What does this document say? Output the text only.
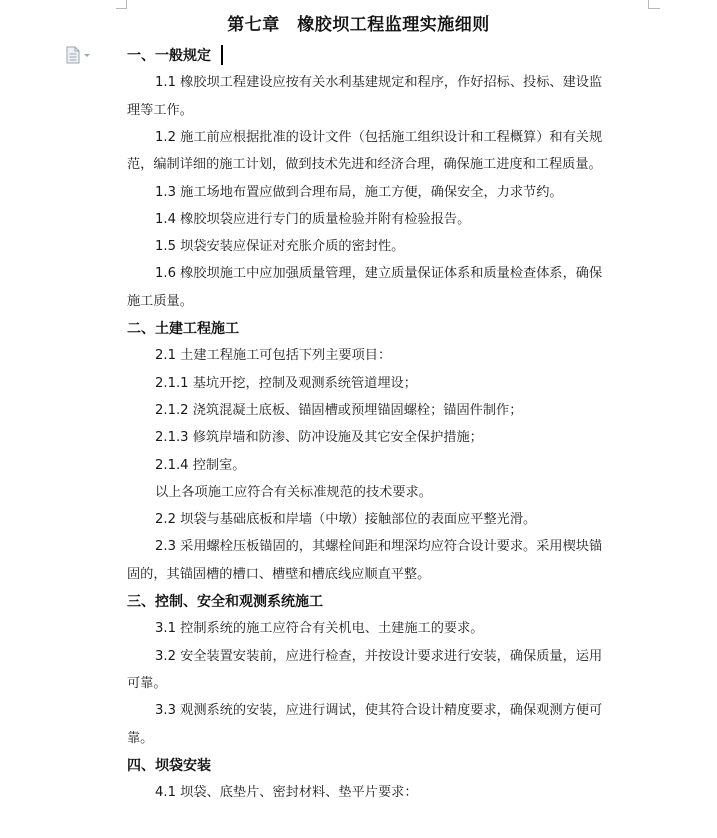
第七章　橡胶坝工程监理实施细则
一、一般规定
1.1 橡胶坝工程建设应按有关水利基建规定和程序，作好招标、投标、建设监
理等工作。
1.2 施工前应根据批准的设计文件（包括施工组织设计和工程概算）和有关规
范，编制详细的施工计划，做到技术先进和经济合理，确保施工进度和工程质量。
1.3 施工场地布置应做到合理布局，施工方便，确保安全，力求节约。
1.4 橡胶坝袋应进行专门的质量检验并附有检验报告。
1.5 坝袋安装应保证对充胀介质的密封性。
1.6 橡胶坝施工中应加强质量管理，建立质量保证体系和质量检查体系，确保
施工质量。
二、土建工程施工
2.1 土建工程施工可包括下列主要项目：
2.1.1 基坑开挖，控制及观测系统管道埋设；
2.1.2 浇筑混凝土底板、锚固槽或预埋锚固螺栓；锚固件制作；
2.1.3 修筑岸墙和防渗、防冲设施及其它安全保护措施；
2.1.4 控制室。
以上各项施工应符合有关标准规范的技术要求。
2.2 坝袋与基础底板和岸墙（中墩）接触部位的表面应平整光滑。
2.3 采用螺栓压板锚固的，其螺栓间距和埋深均应符合设计要求。采用楔块锚
固的，其锚固槽的槽口、槽壁和槽底线应顺直平整。
三、控制、安全和观测系统施工
3.1 控制系统的施工应符合有关机电、土建施工的要求。
3.2 安全装置安装前，应进行检查，并按设计要求进行安装，确保质量，运用
可靠。
3.3 观测系统的安装，应进行调试，使其符合设计精度要求，确保观测方便可
靠。
四、坝袋安装
4.1 坝袋、底垫片、密封材料、垫平片要求：
